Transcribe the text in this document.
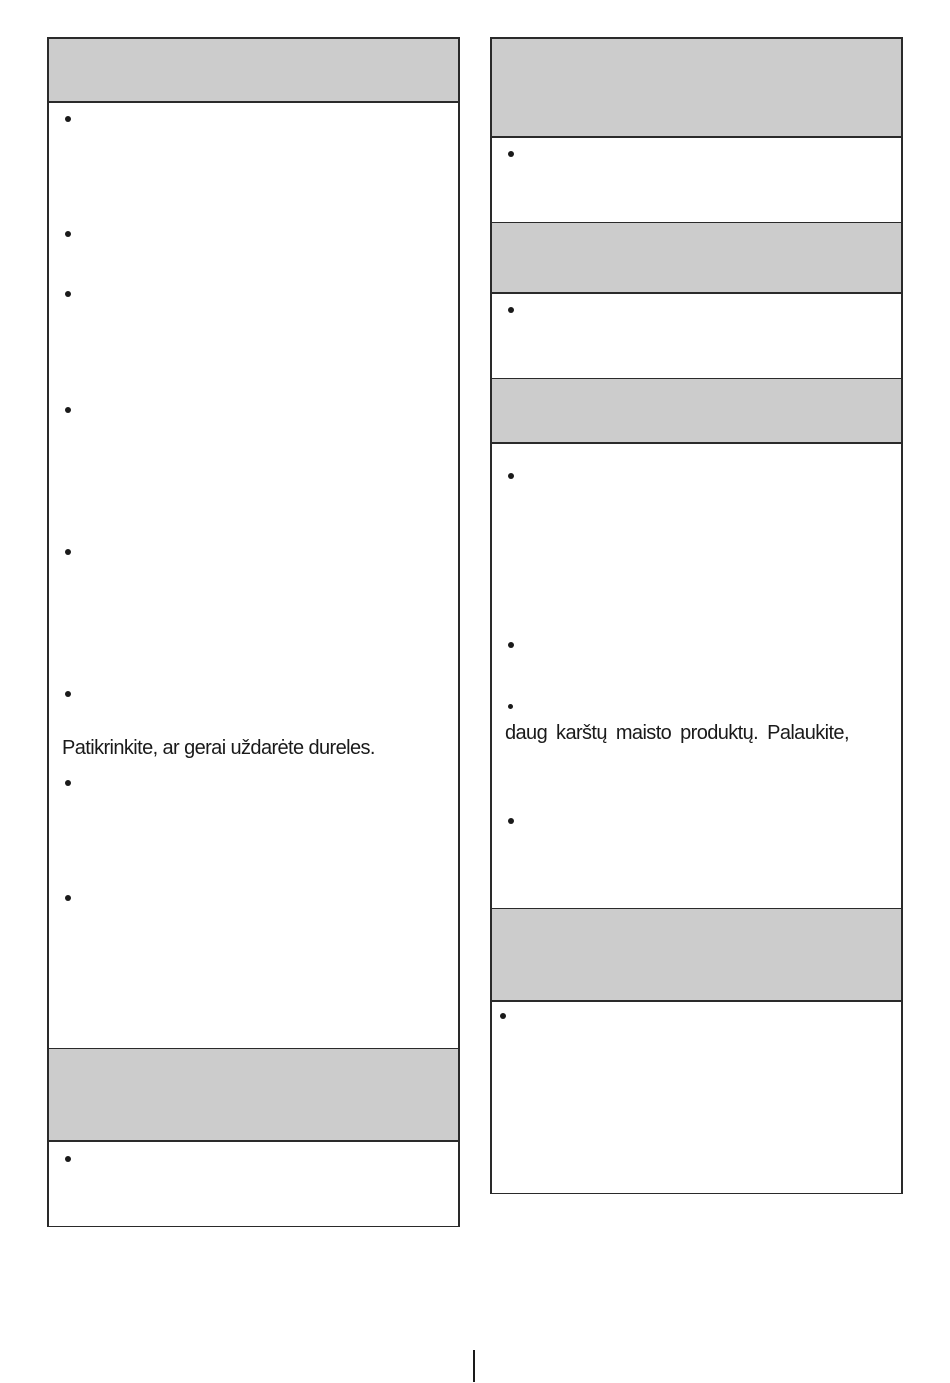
Patikrinkite, ar gerai uždarėte dureles.
daug karštų maisto produktų. Palaukite,
